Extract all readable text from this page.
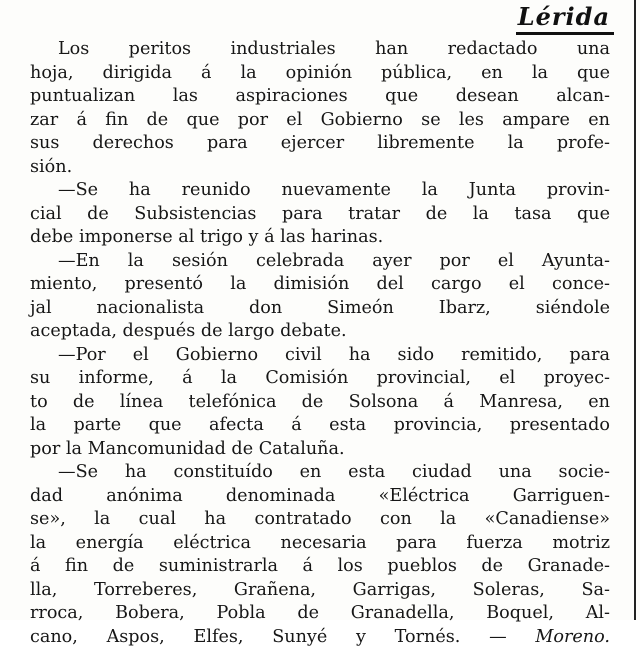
Lérida
Los peritos industriales han redactado una
hoja, dirigida á la opinión pública, en la que
puntualizan las aspiraciones que desean alcan-
zar á fin de que por el Gobierno se les ampare en
sus derechos para ejercer libremente la profe-
sión.
—Se ha reunido nuevamente la Junta provin-
cial de Subsistencias para tratar de la tasa que
debe imponerse al trigo y á las harinas.
—En la sesión celebrada ayer por el Ayunta-
miento, presentó la dimisión del cargo el conce-
jal nacionalista don Simeón Ibarz, siéndole
aceptada, después de largo debate.
—Por el Gobierno civil ha sido remitido, para
su informe, á la Comisión provincial, el proyec-
to de línea telefónica de Solsona á Manresa, en
la parte que afecta á esta provincia, presentado
por la Mancomunidad de Cataluña.
—Se ha constituído en esta ciudad una socie-
dad anónima denominada «Eléctrica Garriguen-
se», la cual ha contratado con la «Canadiense»
la energía eléctrica necesaria para fuerza motriz
á fin de suministrarla á los pueblos de Granade-
lla, Torreberes, Grañena, Garrigas, Soleras, Sa-
rroca, Bobera, Pobla de Granadella, Boquel, Al-
cano, Aspos, Elfes, Sunyé y Tornés. — Moreno.
